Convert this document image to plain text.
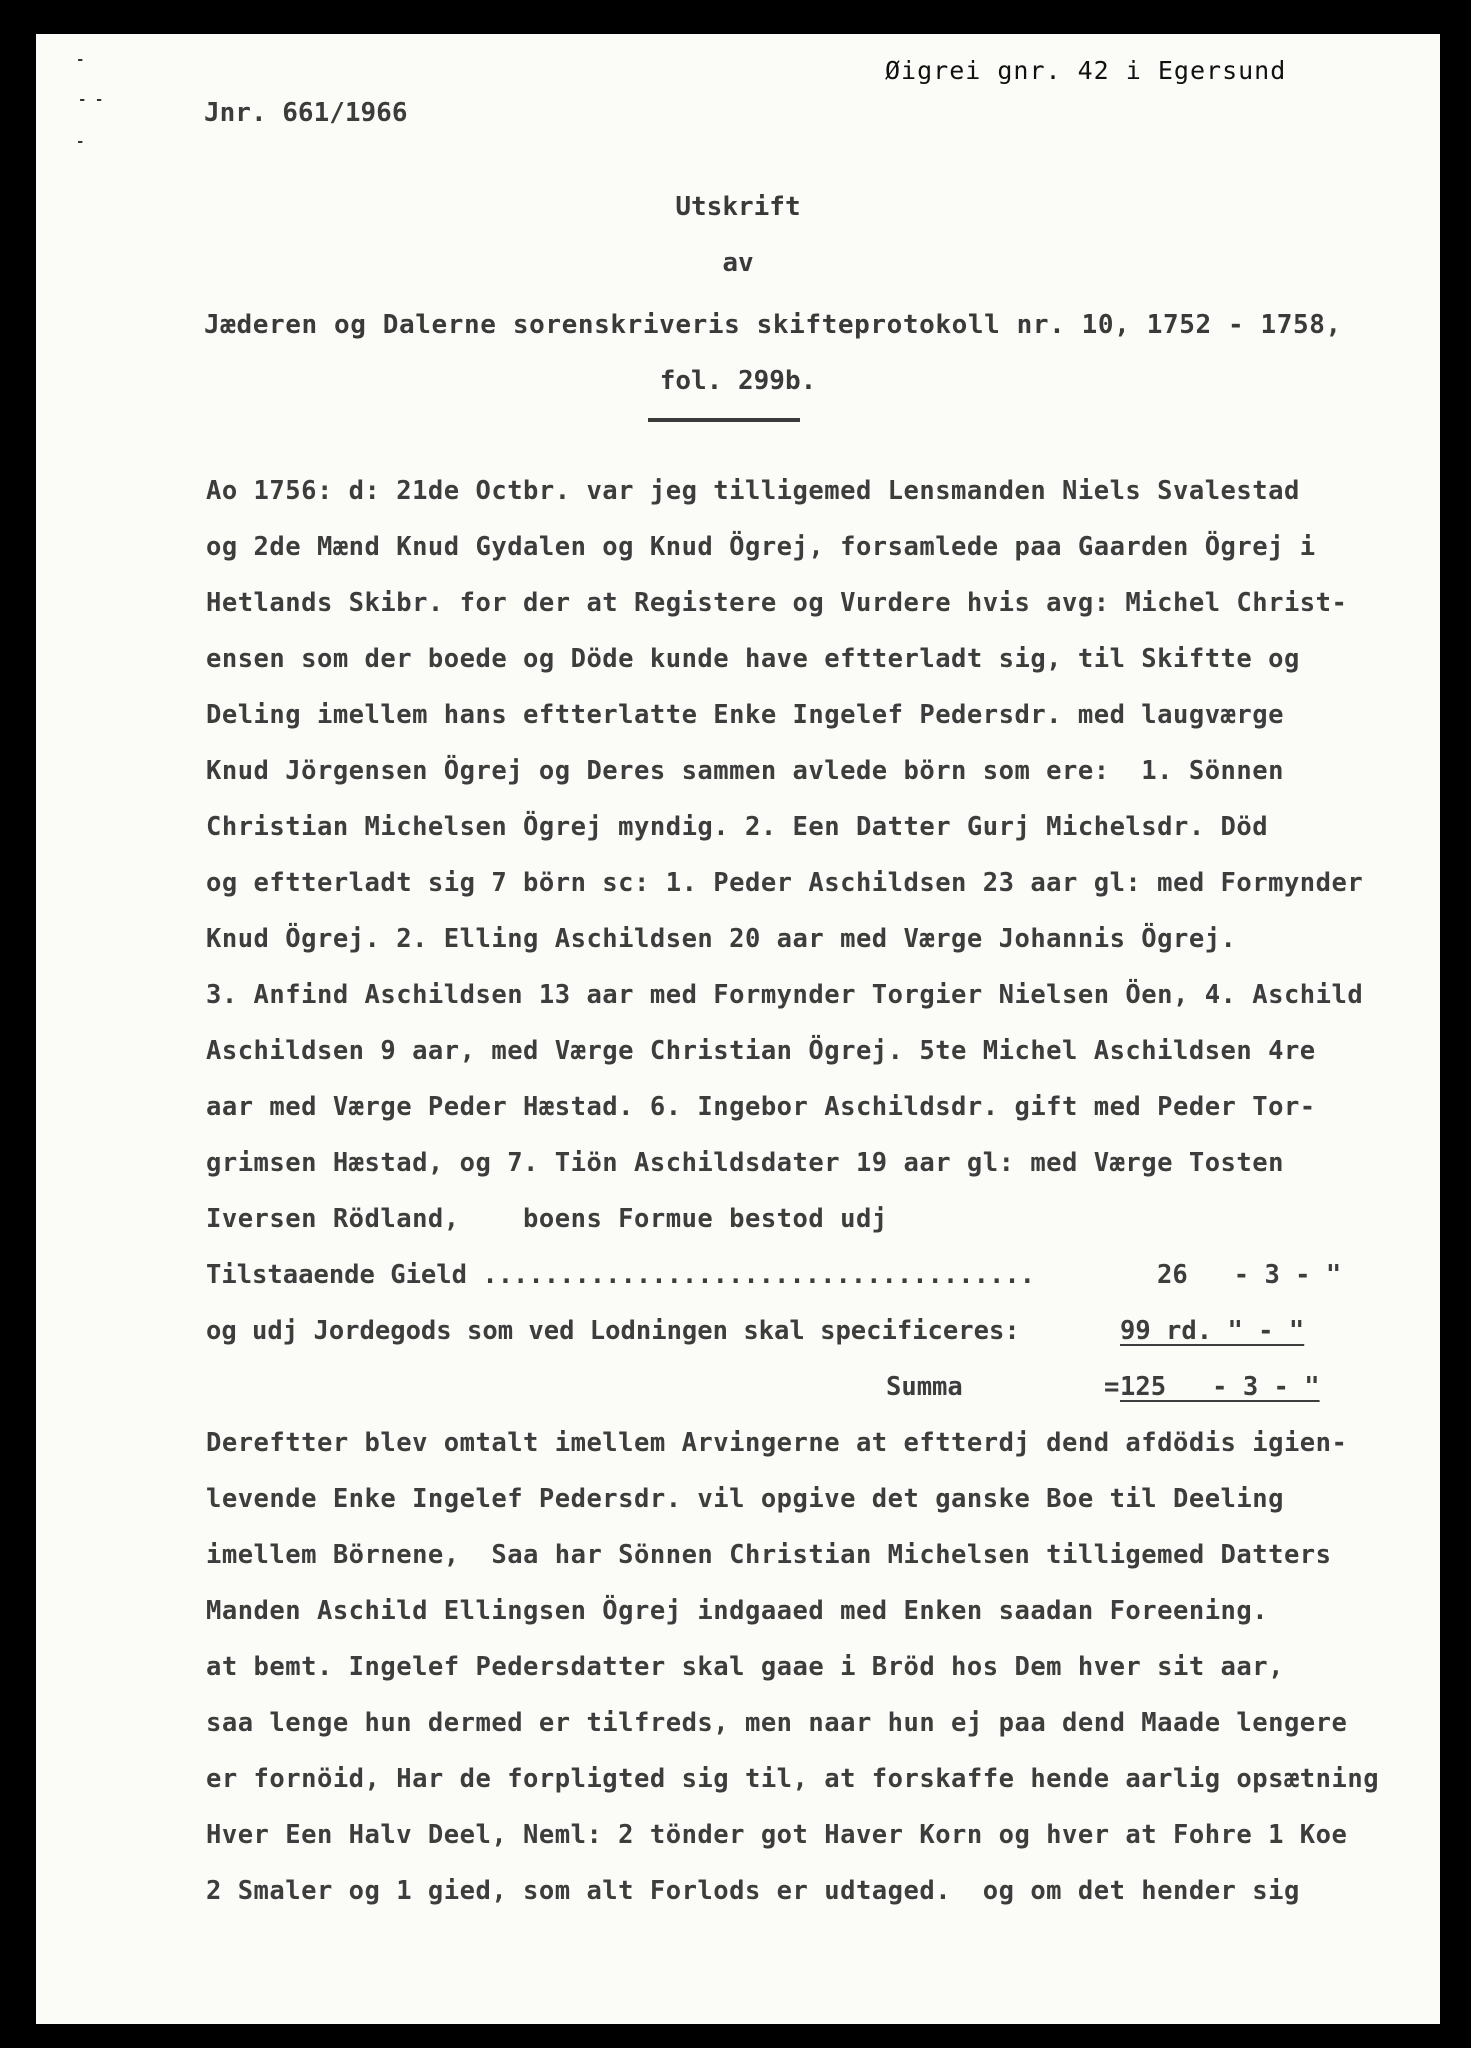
-
- -
-
Øigrei gnr. 42 i Egersund
Jnr. 661/1966
Utskrift
av
Jæderen og Dalerne sorenskriveris skifteprotokoll nr. 10, 1752 - 1758,
fol. 299b.
Ao 1756: d: 21de Octbr. var jeg tilligemed Lensmanden Niels Svalestad
og 2de Mænd Knud Gydalen og Knud Ögrej, forsamlede paa Gaarden Ögrej i
Hetlands Skibr. for der at Registere og Vurdere hvis avg: Michel Christ-
ensen som der boede og Döde kunde have eftterladt sig, til Skiftte og
Deling imellem hans eftterlatte Enke Ingelef Pedersdr. med laugværge
Knud Jörgensen Ögrej og Deres sammen avlede börn som ere:  1. Sönnen
Christian Michelsen Ögrej myndig. 2. Een Datter Gurj Michelsdr. Död
og eftterladt sig 7 börn sc: 1. Peder Aschildsen 23 aar gl: med Formynder
Knud Ögrej. 2. Elling Aschildsen 20 aar med Værge Johannis Ögrej.
3. Anfind Aschildsen 13 aar med Formynder Torgier Nielsen Öen, 4. Aschild
Aschildsen 9 aar, med Værge Christian Ögrej. 5te Michel Aschildsen 4re
aar med Værge Peder Hæstad. 6. Ingebor Aschildsdr. gift med Peder Tor-
grimsen Hæstad, og 7. Tiön Aschildsdater 19 aar gl: med Værge Tosten
Iversen Rödland,    boens Formue bestod udj
Tilstaaende Gield ....................................	26   - 3 - "
og udj Jordegods som ved Lodningen skal specificeres:	99 rd. " - "
Summa	= 125   - 3 - "
Dereftter blev omtalt imellem Arvingerne at eftterdj dend afdödis igien-
levende Enke Ingelef Pedersdr. vil opgive det ganske Boe til Deeling
imellem Börnene,  Saa har Sönnen Christian Michelsen tilligemed Datters
Manden Aschild Ellingsen Ögrej indgaaed med Enken saadan Foreening.
at bemt. Ingelef Pedersdatter skal gaae i Bröd hos Dem hver sit aar,
saa lenge hun dermed er tilfreds, men naar hun ej paa dend Maade lengere
er fornöid, Har de forpligted sig til, at forskaffe hende aarlig opsætning
Hver Een Halv Deel, Neml: 2 tönder got Haver Korn og hver at Fohre 1 Koe
2 Smaler og 1 gied, som alt Forlods er udtaged.  og om det hender sig
